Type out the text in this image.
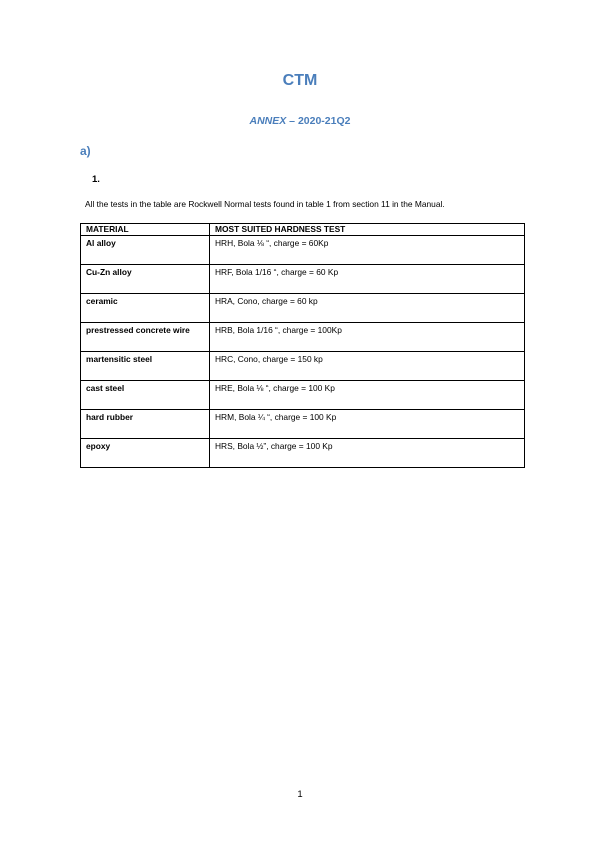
CTM
ANNEX – 2020-21Q2
a)
1.
All the tests in the table are Rockwell Normal tests found in table 1 from section 11 in the Manual.
MATERIAL	MOST SUITED HARDNESS TEST
Al alloy	HRH, Bola ⅛ “, charge = 60Kp
Cu-Zn alloy	HRF, Bola 1/16 “, charge = 60 Kp
ceramic	HRA, Cono, charge = 60 kp
prestressed concrete wire	HRB, Bola 1/16 “, charge = 100Kp
martensitic steel	HRC, Cono, charge = 150 kp
cast steel	HRE, Bola ⅛ “, charge = 100 Kp
hard rubber	HRM, Bola ¼ “, charge = 100 Kp
epoxy	HRS, Bola ½”, charge = 100 Kp
1
